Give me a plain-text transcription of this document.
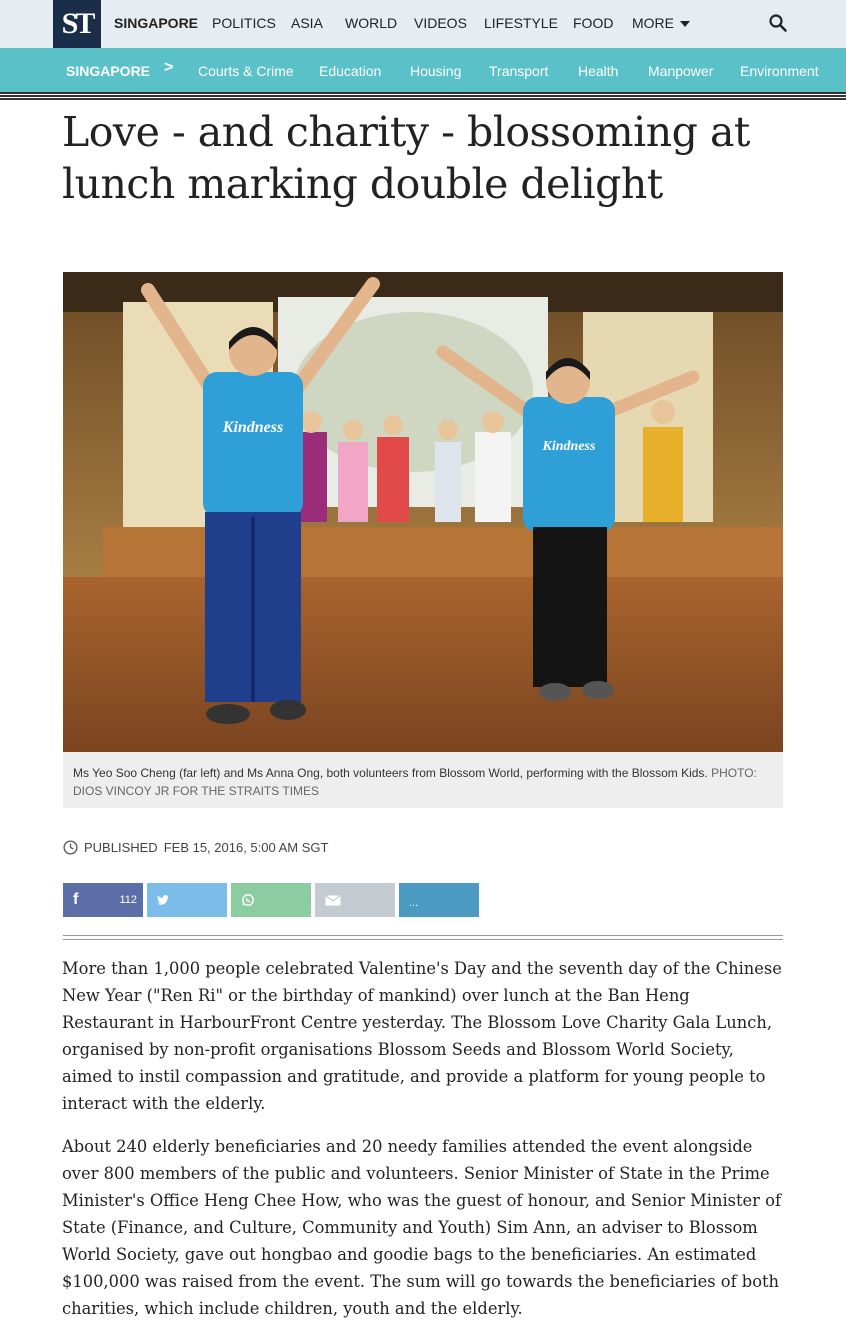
ST	SINGAPORE POLITICS ASIA WORLD VIDEOS LIFESTYLE FOOD MORE
SINGAPORE > Courts & Crime Education Housing Transport Health Manpower Environment
Love - and charity - blossoming at lunch marking double delight
Kindness
Kindness
Ms Yeo Soo Cheng (far left) and Ms Anna Ong, both volunteers from Blossom World, performing with the Blossom Kids. PHOTO: DIOS VINCOY JR FOR THE STRAITS TIMES
PUBLISHED FEB 15, 2016, 5:00 AM SGT
f	112	...

More than 1,000 people celebrated Valentine's Day and the seventh day of the Chinese New Year ("Ren Ri" or the birthday of mankind) over lunch at the Ban Heng Restaurant in HarbourFront Centre yesterday. The Blossom Love Charity Gala Lunch, organised by non-profit organisations Blossom Seeds and Blossom World Society, aimed to instil compassion and gratitude, and provide a platform for young people to interact with the elderly.

About 240 elderly beneficiaries and 20 needy families attended the event alongside over 800 members of the public and volunteers. Senior Minister of State in the Prime Minister's Office Heng Chee How, who was the guest of honour, and Senior Minister of State (Finance, and Culture, Community and Youth) Sim Ann, an adviser to Blossom World Society, gave out hongbao and goodie bags to the beneficiaries. An estimated $100,000 was raised from the event. The sum will go towards the beneficiaries of both charities, which include children, youth and the elderly.
